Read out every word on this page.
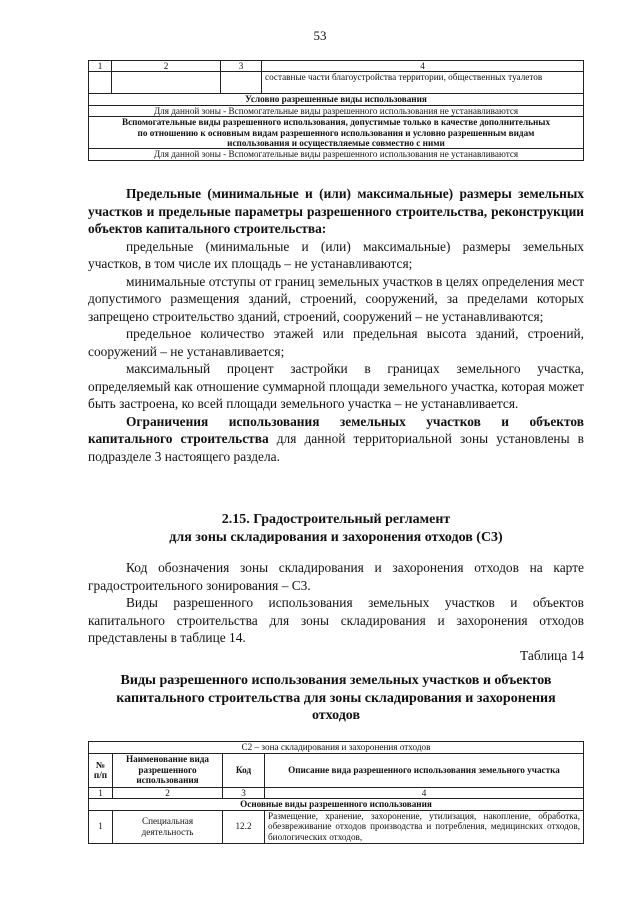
53
1	2	3	4
			составные части благоустройства территории, общественных туалетов
Условно разрешенные виды использования			
Для данной зоны - Вспомогательные виды разрешенного использования не устанавливаются			
Вспомогательные виды разрешенного использования, допустимые только в качестве дополнительных по отношению к основным видам разрешенного использования и условно разрешенным видам использования и осуществляемые совместно с ними			
Для данной зоны - Вспомогательные виды разрешенного использования не устанавливаются			

Предельные (минимальные и (или) максимальные) размеры земельных участков и предельные параметры разрешенного строительства, реконструкции объектов капитального строительства:

предельные (минимальные и (или) максимальные) размеры земельных участков, в том числе их площадь – не устанавливаются;

минимальные отступы от границ земельных участков в целях определения мест допустимого размещения зданий, строений, сооружений, за пределами которых запрещено строительство зданий, строений, сооружений – не устанавливаются;

предельное количество этажей или предельная высота зданий, строений, сооружений – не устанавливается;

максимальный процент застройки в границах земельного участка, определяемый как отношение суммарной площади земельного участка, которая может быть застроена, ко всей площади земельного участка – не устанавливается.

Ограничения использования земельных участков и объектов капитального строительства для данной территориальной зоны установлены в подразделе 3 настоящего раздела.

2.15. Градостроительный регламент
для зоны складирования и захоронения отходов (С3)

Код обозначения зоны складирования и захоронения отходов на карте градостроительного зонирования – С3.

Виды разрешенного использования земельных участков и объектов капитального строительства для зоны складирования и захоронения отходов представлены в таблице 14.

Таблица 14

Виды разрешенного использования земельных участков и объектов капитального строительства для зоны складирования и захоронения отходов
С2 – зона складирования и захоронения отходов			
№ п/п	Наименование вида разрешенного использования	Код	Описание вида разрешенного использования земельного участка
1	2	3	4
Основные виды разрешенного использования			
1	Специальная деятельность	12.2	Размещение, хранение, захоронение, утилизация, накопление, обработка, обезвреживание отходов производства и потребления, медицинских отходов, биологических отходов,
